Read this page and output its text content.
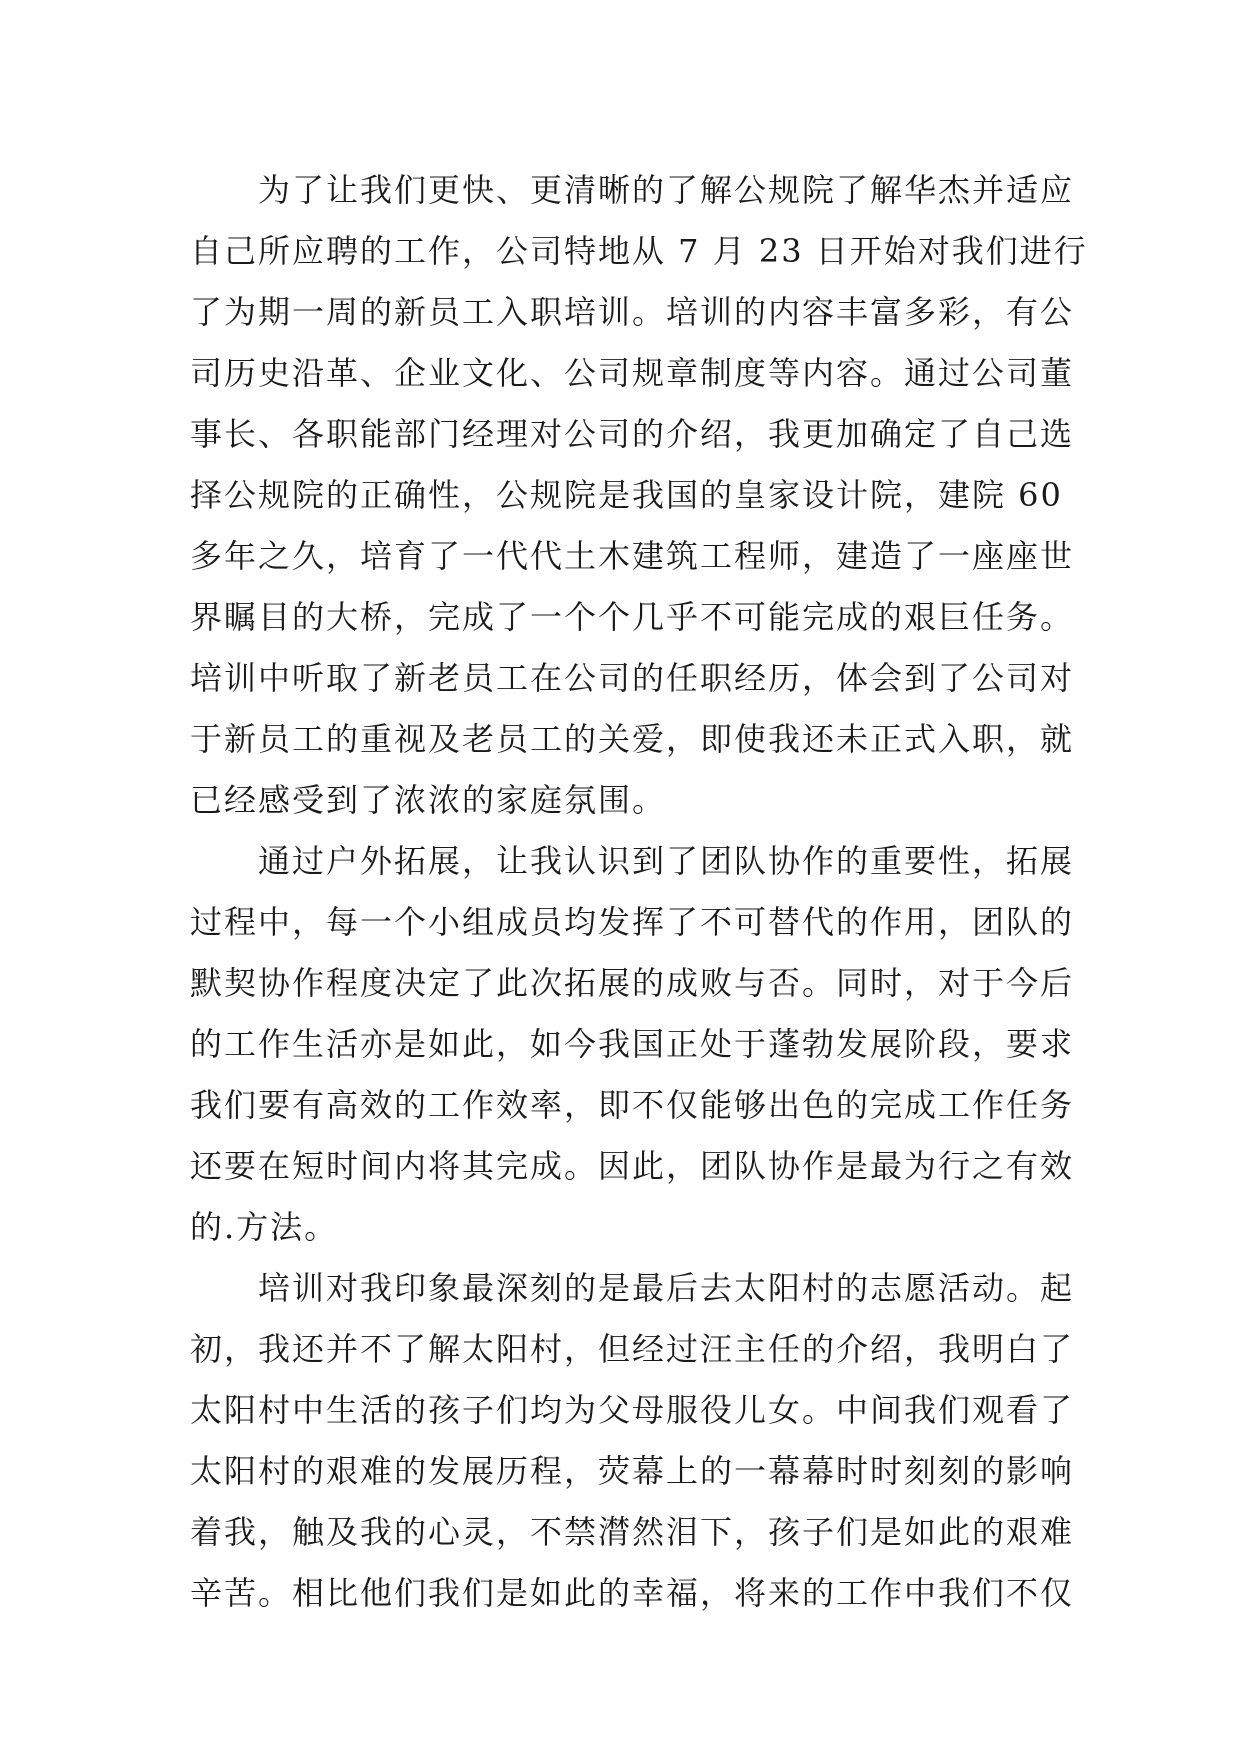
　　为了让我们更快、更清晰的了解公规院了解华杰并适应

自己所应聘的工作，公司特地从 7 月 23 日开始对我们进行

了为期一周的新员工入职培训。培训的内容丰富多彩，有公

司历史沿革、企业文化、公司规章制度等内容。通过公司董

事长、各职能部门经理对公司的介绍，我更加确定了自己选

择公规院的正确性，公规院是我国的皇家设计院，建院 60

多年之久，培育了一代代土木建筑工程师，建造了一座座世

界瞩目的大桥，完成了一个个几乎不可能完成的艰巨任务。

培训中听取了新老员工在公司的任职经历，体会到了公司对

于新员工的重视及老员工的关爱，即使我还未正式入职，就

已经感受到了浓浓的家庭氛围。

　　通过户外拓展，让我认识到了团队协作的重要性，拓展

过程中，每一个小组成员均发挥了不可替代的作用，团队的

默契协作程度决定了此次拓展的成败与否。同时，对于今后

的工作生活亦是如此，如今我国正处于蓬勃发展阶段，要求

我们要有高效的工作效率，即不仅能够出色的完成工作任务

还要在短时间内将其完成。因此，团队协作是最为行之有效

的.方法。

　　培训对我印象最深刻的是最后去太阳村的志愿活动。起

初，我还并不了解太阳村，但经过汪主任的介绍，我明白了

太阳村中生活的孩子们均为父母服役儿女。中间我们观看了

太阳村的艰难的发展历程，荧幕上的一幕幕时时刻刻的影响

着我，触及我的心灵，不禁潸然泪下，孩子们是如此的艰难

辛苦。相比他们我们是如此的幸福，将来的工作中我们不仅
